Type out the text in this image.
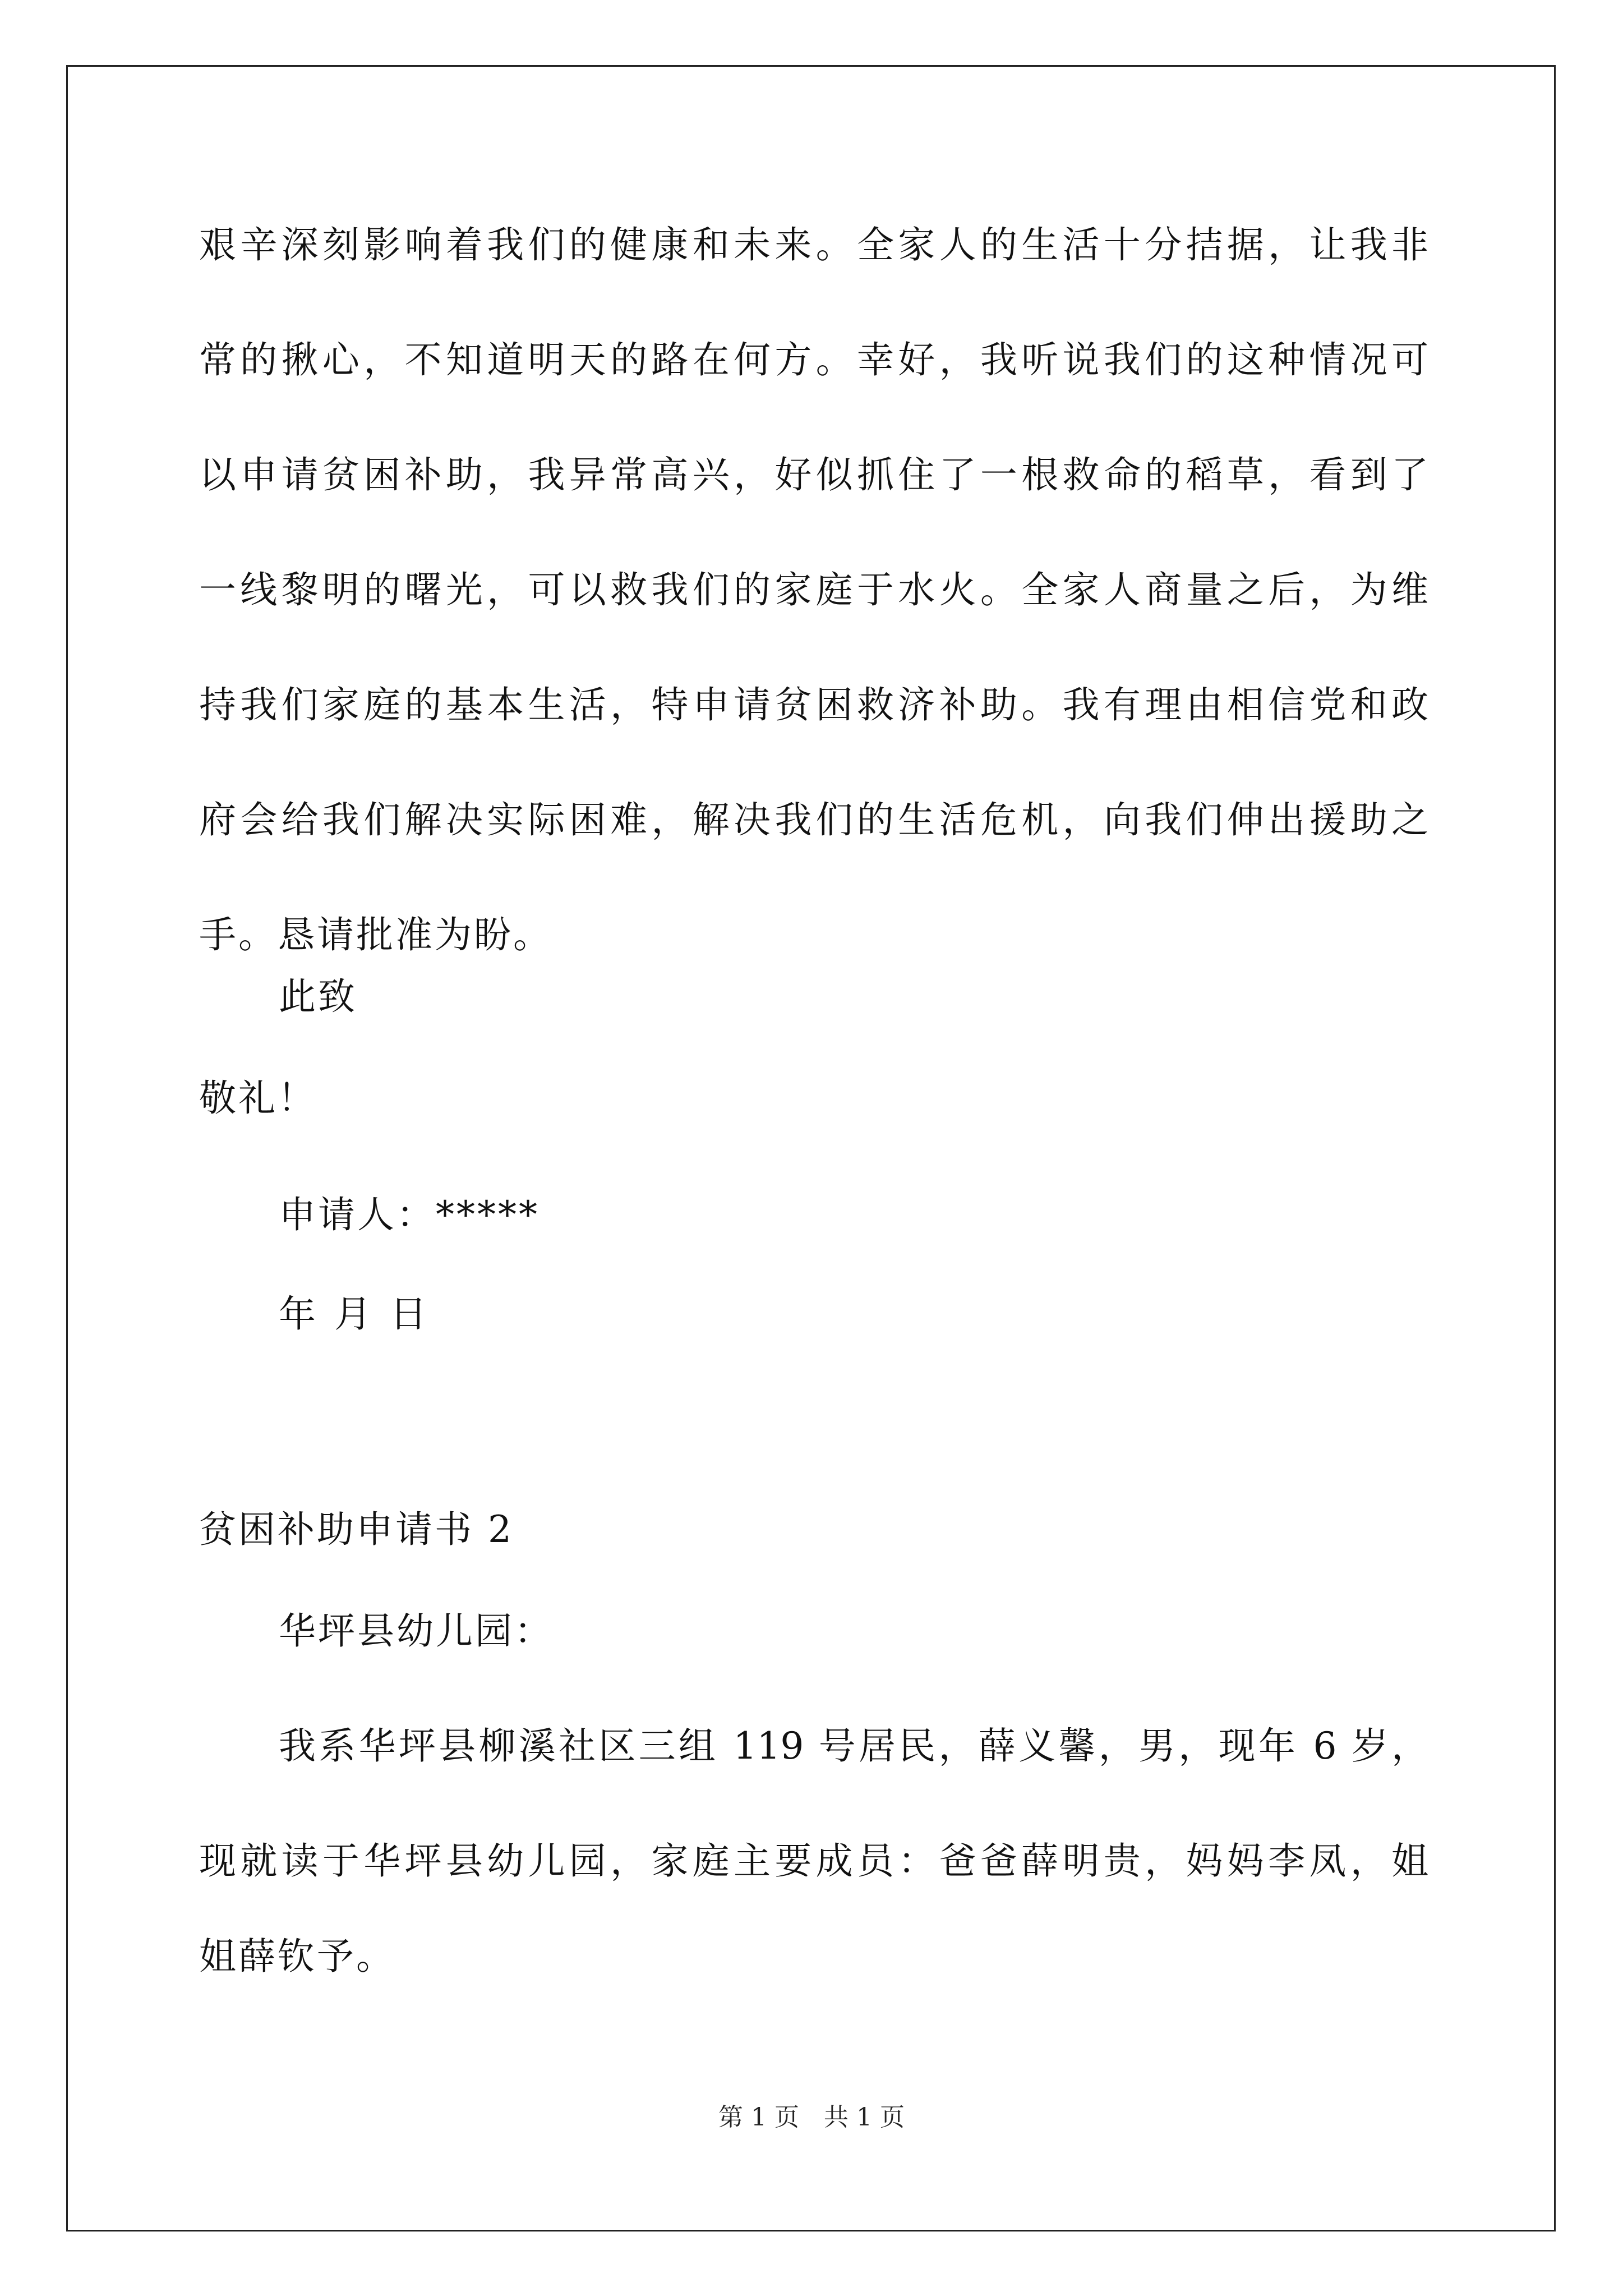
艰辛深刻影响着我们的健康和未来。全家人的生活十分拮据，让我非
常的揪心，不知道明天的路在何方。幸好，我听说我们的这种情况可
以申请贫困补助，我异常高兴，好似抓住了一根救命的稻草，看到了
一线黎明的曙光，可以救我们的家庭于水火。全家人商量之后，为维
持我们家庭的基本生活，特申请贫困救济补助。我有理由相信党和政
府会给我们解决实际困难，解决我们的生活危机，向我们伸出援助之
手。恳请批准为盼。
此致
敬礼！
申请人：*****
年 月 日
贫困补助申请书 2
华坪县幼儿园：
我系华坪县柳溪社区三组 119 号居民，薛义馨，男，现年 6 岁，
现就读于华坪县幼儿园，家庭主要成员：爸爸薛明贵，妈妈李凤，姐
姐薛钦予。
第 1 页　共 1 页
